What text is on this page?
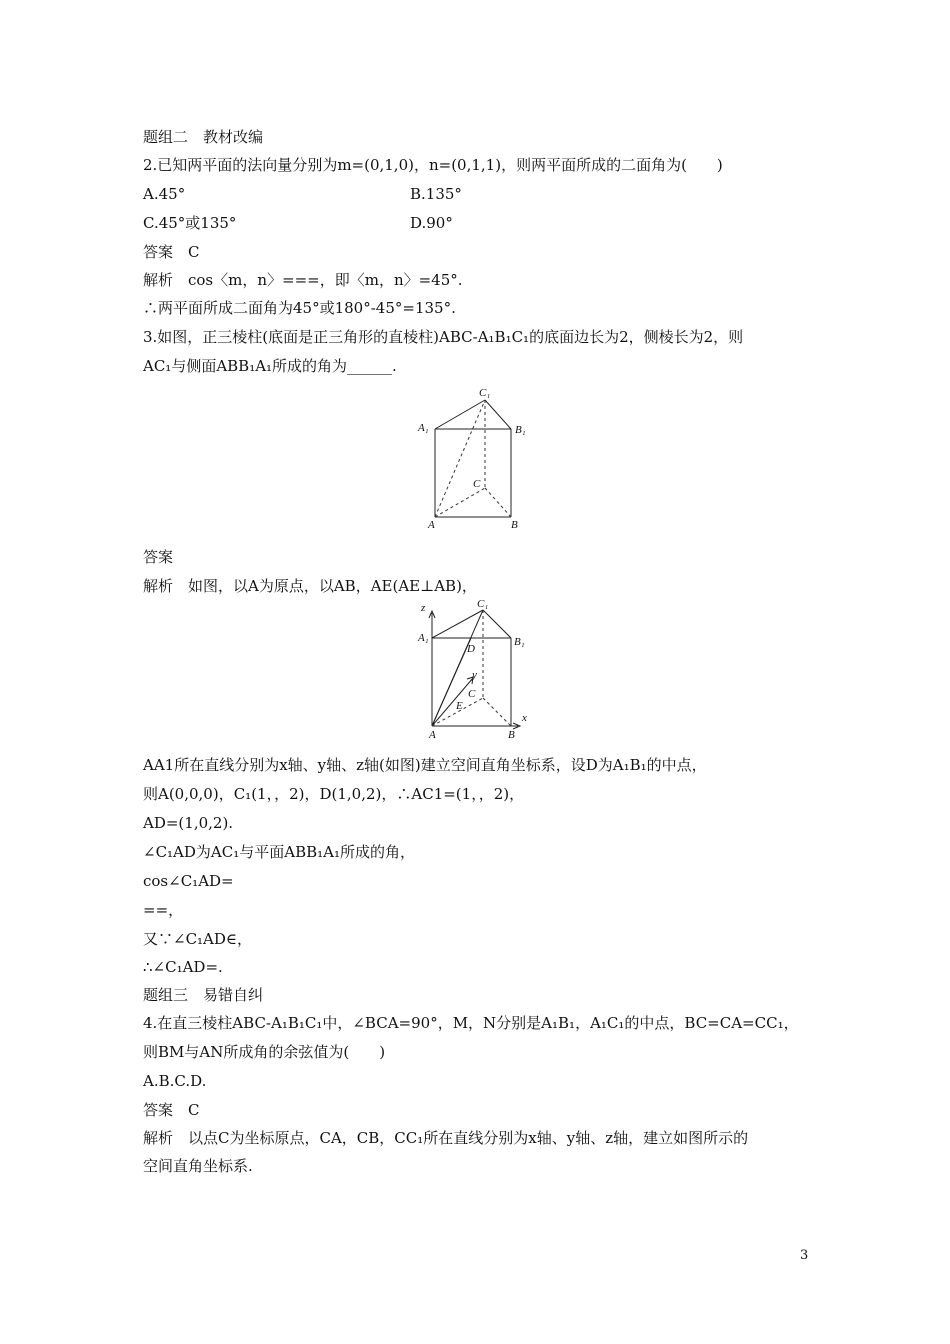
题组二　教材改编
2.已知两平面的法向量分别为m=(0,1,0)，n=(0,1,1)，则两平面所成的二面角为(　　)
A.45°	B.135°
C.45°或135°	D.90°
答案　C
解析　cos〈m，n〉===，即〈m，n〉=45°.
∴两平面所成二面角为45°或180°-45°=135°.
3.如图，正三棱柱(底面是正三角形的直棱柱)ABC-A₁B₁C₁的底面边长为2，侧棱长为2，则
AC₁与侧面ABB₁A₁所成的角为______.
C₁
A₁	B₁
C
A	B
答案
解析　如图，以A为原点，以AB，AE(AE⊥AB)，
z	C₁
A₁	B₁
D
y
C
E
A	B
x
AA1所在直线分别为x轴、y轴、z轴(如图)建立空间直角坐标系，设D为A₁B₁的中点，
则A(0,0,0)，C₁(1，，2)，D(1,0,2)，∴AC1=(1，，2)，
AD=(1,0,2).
∠C₁AD为AC₁与平面ABB₁A₁所成的角，
cos∠C₁AD=
==，
又∵∠C₁AD∈，
∴∠C₁AD=.
题组三　易错自纠
4.在直三棱柱ABC-A₁B₁C₁中，∠BCA=90°，M，N分别是A₁B₁，A₁C₁的中点，BC=CA=CC₁，
则BM与AN所成角的余弦值为(　　)
A.B.C.D.
答案　C
解析　以点C为坐标原点，CA，CB，CC₁所在直线分别为x轴、y轴、z轴，建立如图所示的
空间直角坐标系.
3
